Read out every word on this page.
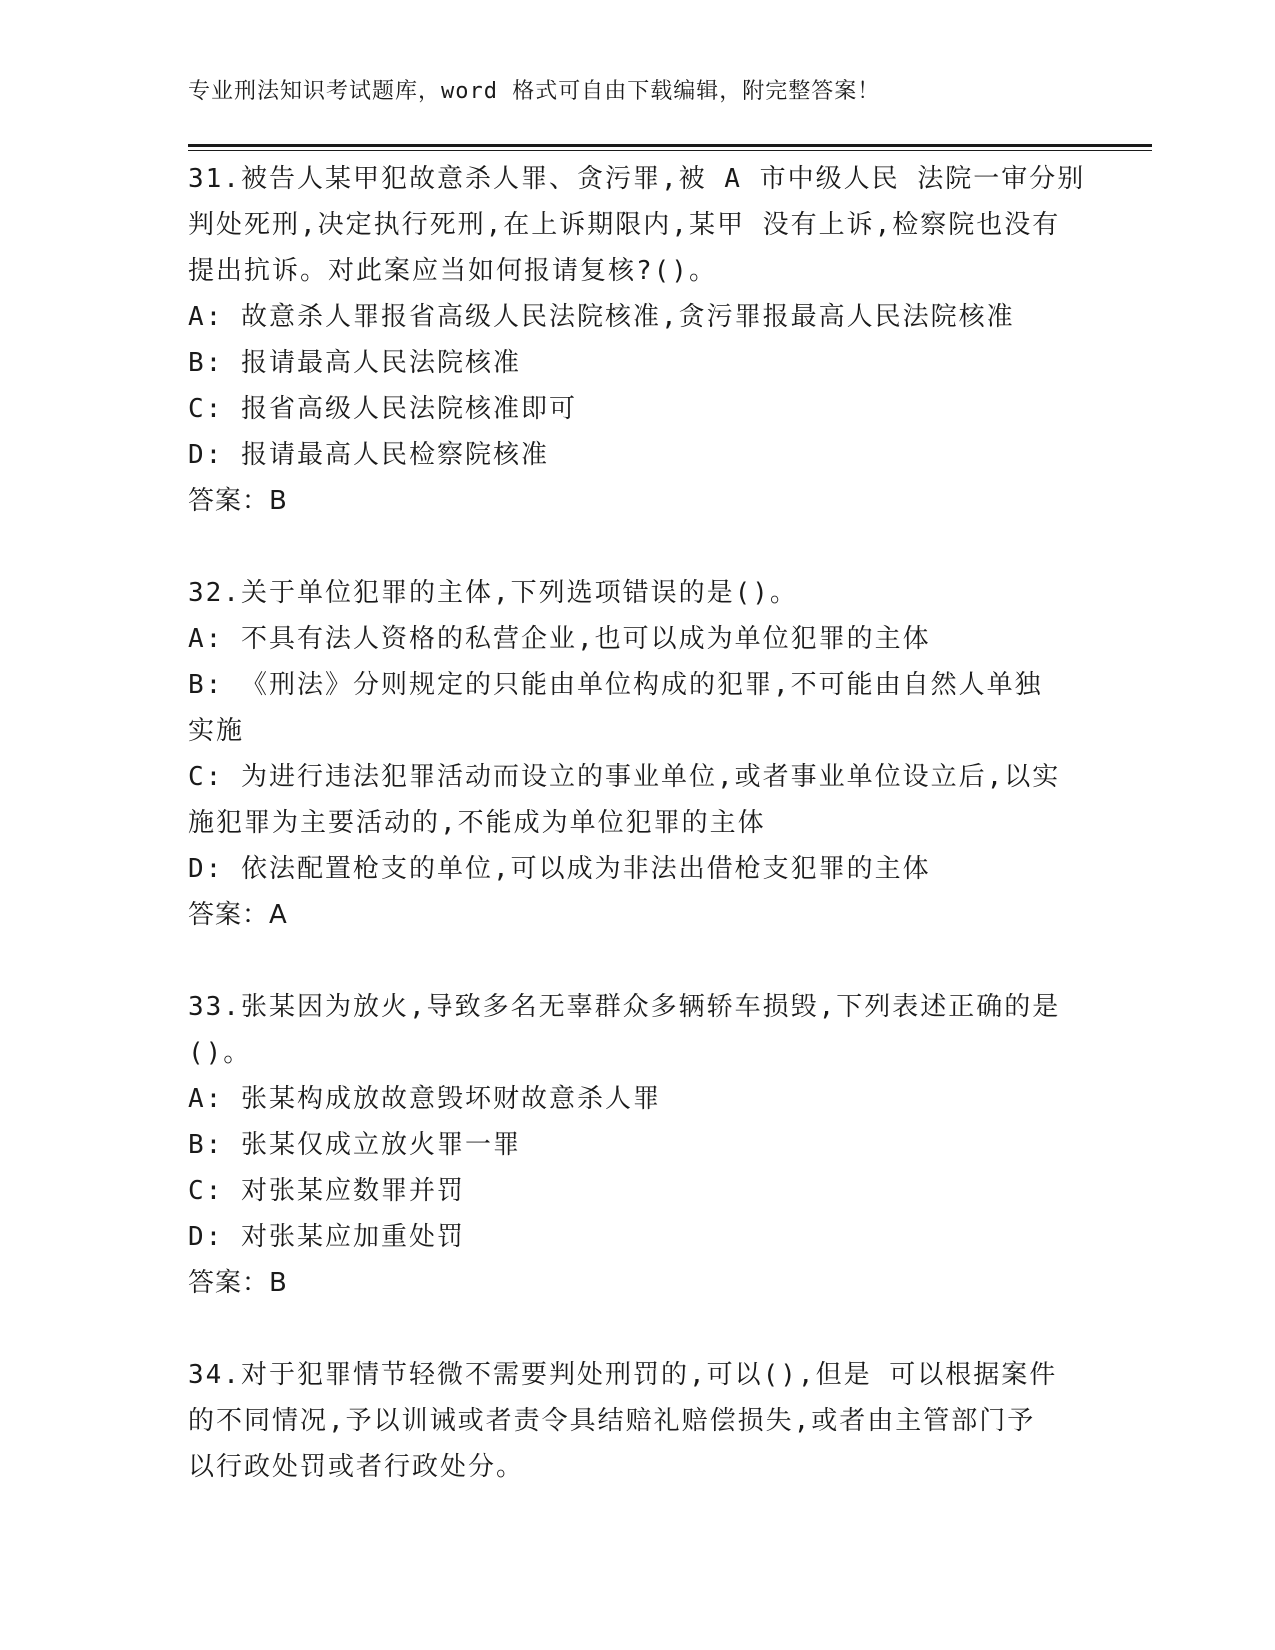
专业刑法知识考试题库，word 格式可自由下载编辑，附完整答案！
31.被告人某甲犯故意杀人罪、贪污罪,被 A 市中级人民 法院一审分别
判处死刑,决定执行死刑,在上诉期限内,某甲 没有上诉,检察院也没有
提出抗诉。对此案应当如何报请复核?()。
A: 故意杀人罪报省高级人民法院核准,贪污罪报最高人民法院核准
B: 报请最高人民法院核准
C: 报省高级人民法院核准即可
D: 报请最高人民检察院核准
答案：B
32.关于单位犯罪的主体,下列选项错误的是()。
A: 不具有法人资格的私营企业,也可以成为单位犯罪的主体
B: 《刑法》分则规定的只能由单位构成的犯罪,不可能由自然人单独
实施
C: 为进行违法犯罪活动而设立的事业单位,或者事业单位设立后,以实
施犯罪为主要活动的,不能成为单位犯罪的主体
D: 依法配置枪支的单位,可以成为非法出借枪支犯罪的主体
答案：A
33.张某因为放火,导致多名无辜群众多辆轿车损毁,下列表述正确的是
()。
A: 张某构成放故意毁坏财故意杀人罪
B: 张某仅成立放火罪一罪
C: 对张某应数罪并罚
D: 对张某应加重处罚
答案：B
34.对于犯罪情节轻微不需要判处刑罚的,可以(),但是 可以根据案件
的不同情况,予以训诫或者责令具结赔礼赔偿损失,或者由主管部门予
以行政处罚或者行政处分。
